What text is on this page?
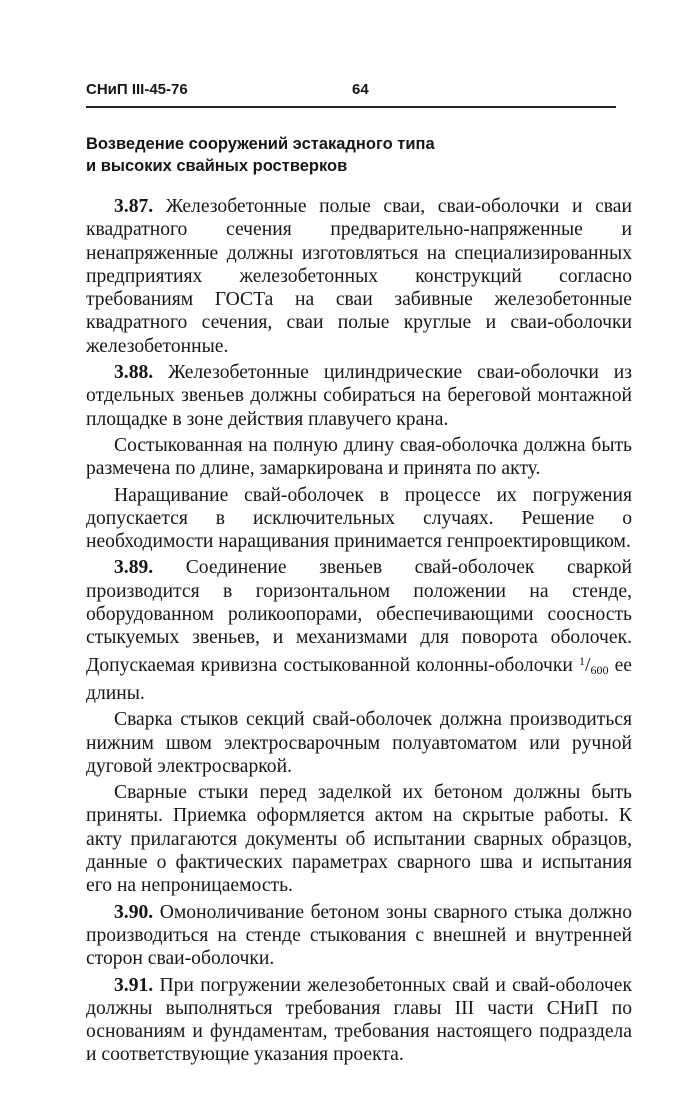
СНиП III-45-76	64
Возведение сооружений эстакадного типа
и высоких свайных ростверков

3.87. Железобетонные полые сваи, сваи-оболочки и сваи квадратного сечения предварительно-напряженные и ненапряженные должны изготовляться на специализированных предприятиях железобетонных конструкций согласно требованиям ГОСТа на сваи забивные железобетонные квадратного сечения, сваи полые круглые и сваи-оболочки железобетонные.

3.88. Железобетонные цилиндрические сваи-оболочки из отдельных звеньев должны собираться на береговой монтажной площадке в зоне действия плавучего крана.

Состыкованная на полную длину свая-оболочка должна быть размечена по длине, замаркирована и принята по акту.

Наращивание свай-оболочек в процессе их погружения допускается в исключительных случаях. Решение о необходимости наращивания принимается генпроектировщиком.

3.89. Соединение звеньев свай-оболочек сваркой производится в горизонтальном положении на стенде, оборудованном роликоопорами, обеспечивающими соосность стыкуемых звеньев, и механизмами для поворота оболочек. Допускаемая кривизна состыкованной колонны-оболочки $^1/_{600}$ ее длины.

Сварка стыков секций свай-оболочек должна производиться нижним швом электросварочным полуавтоматом или ручной дуговой электросваркой.

Сварные стыки перед заделкой их бетоном должны быть приняты. Приемка оформляется актом на скрытые работы. К акту прилагаются документы об испытании сварных образцов, данные о фактических параметрах сварного шва и испытания его на непроницаемость.

3.90. Омоноличивание бетоном зоны сварного стыка должно производиться на стенде стыкования с внешней и внутренней сторон сваи-оболочки.

3.91. При погружении железобетонных свай и свай-оболочек должны выполняться требования главы III части СНиП по основаниям и фундаментам, требования настоящего подраздела и соответствующие указания проекта.
